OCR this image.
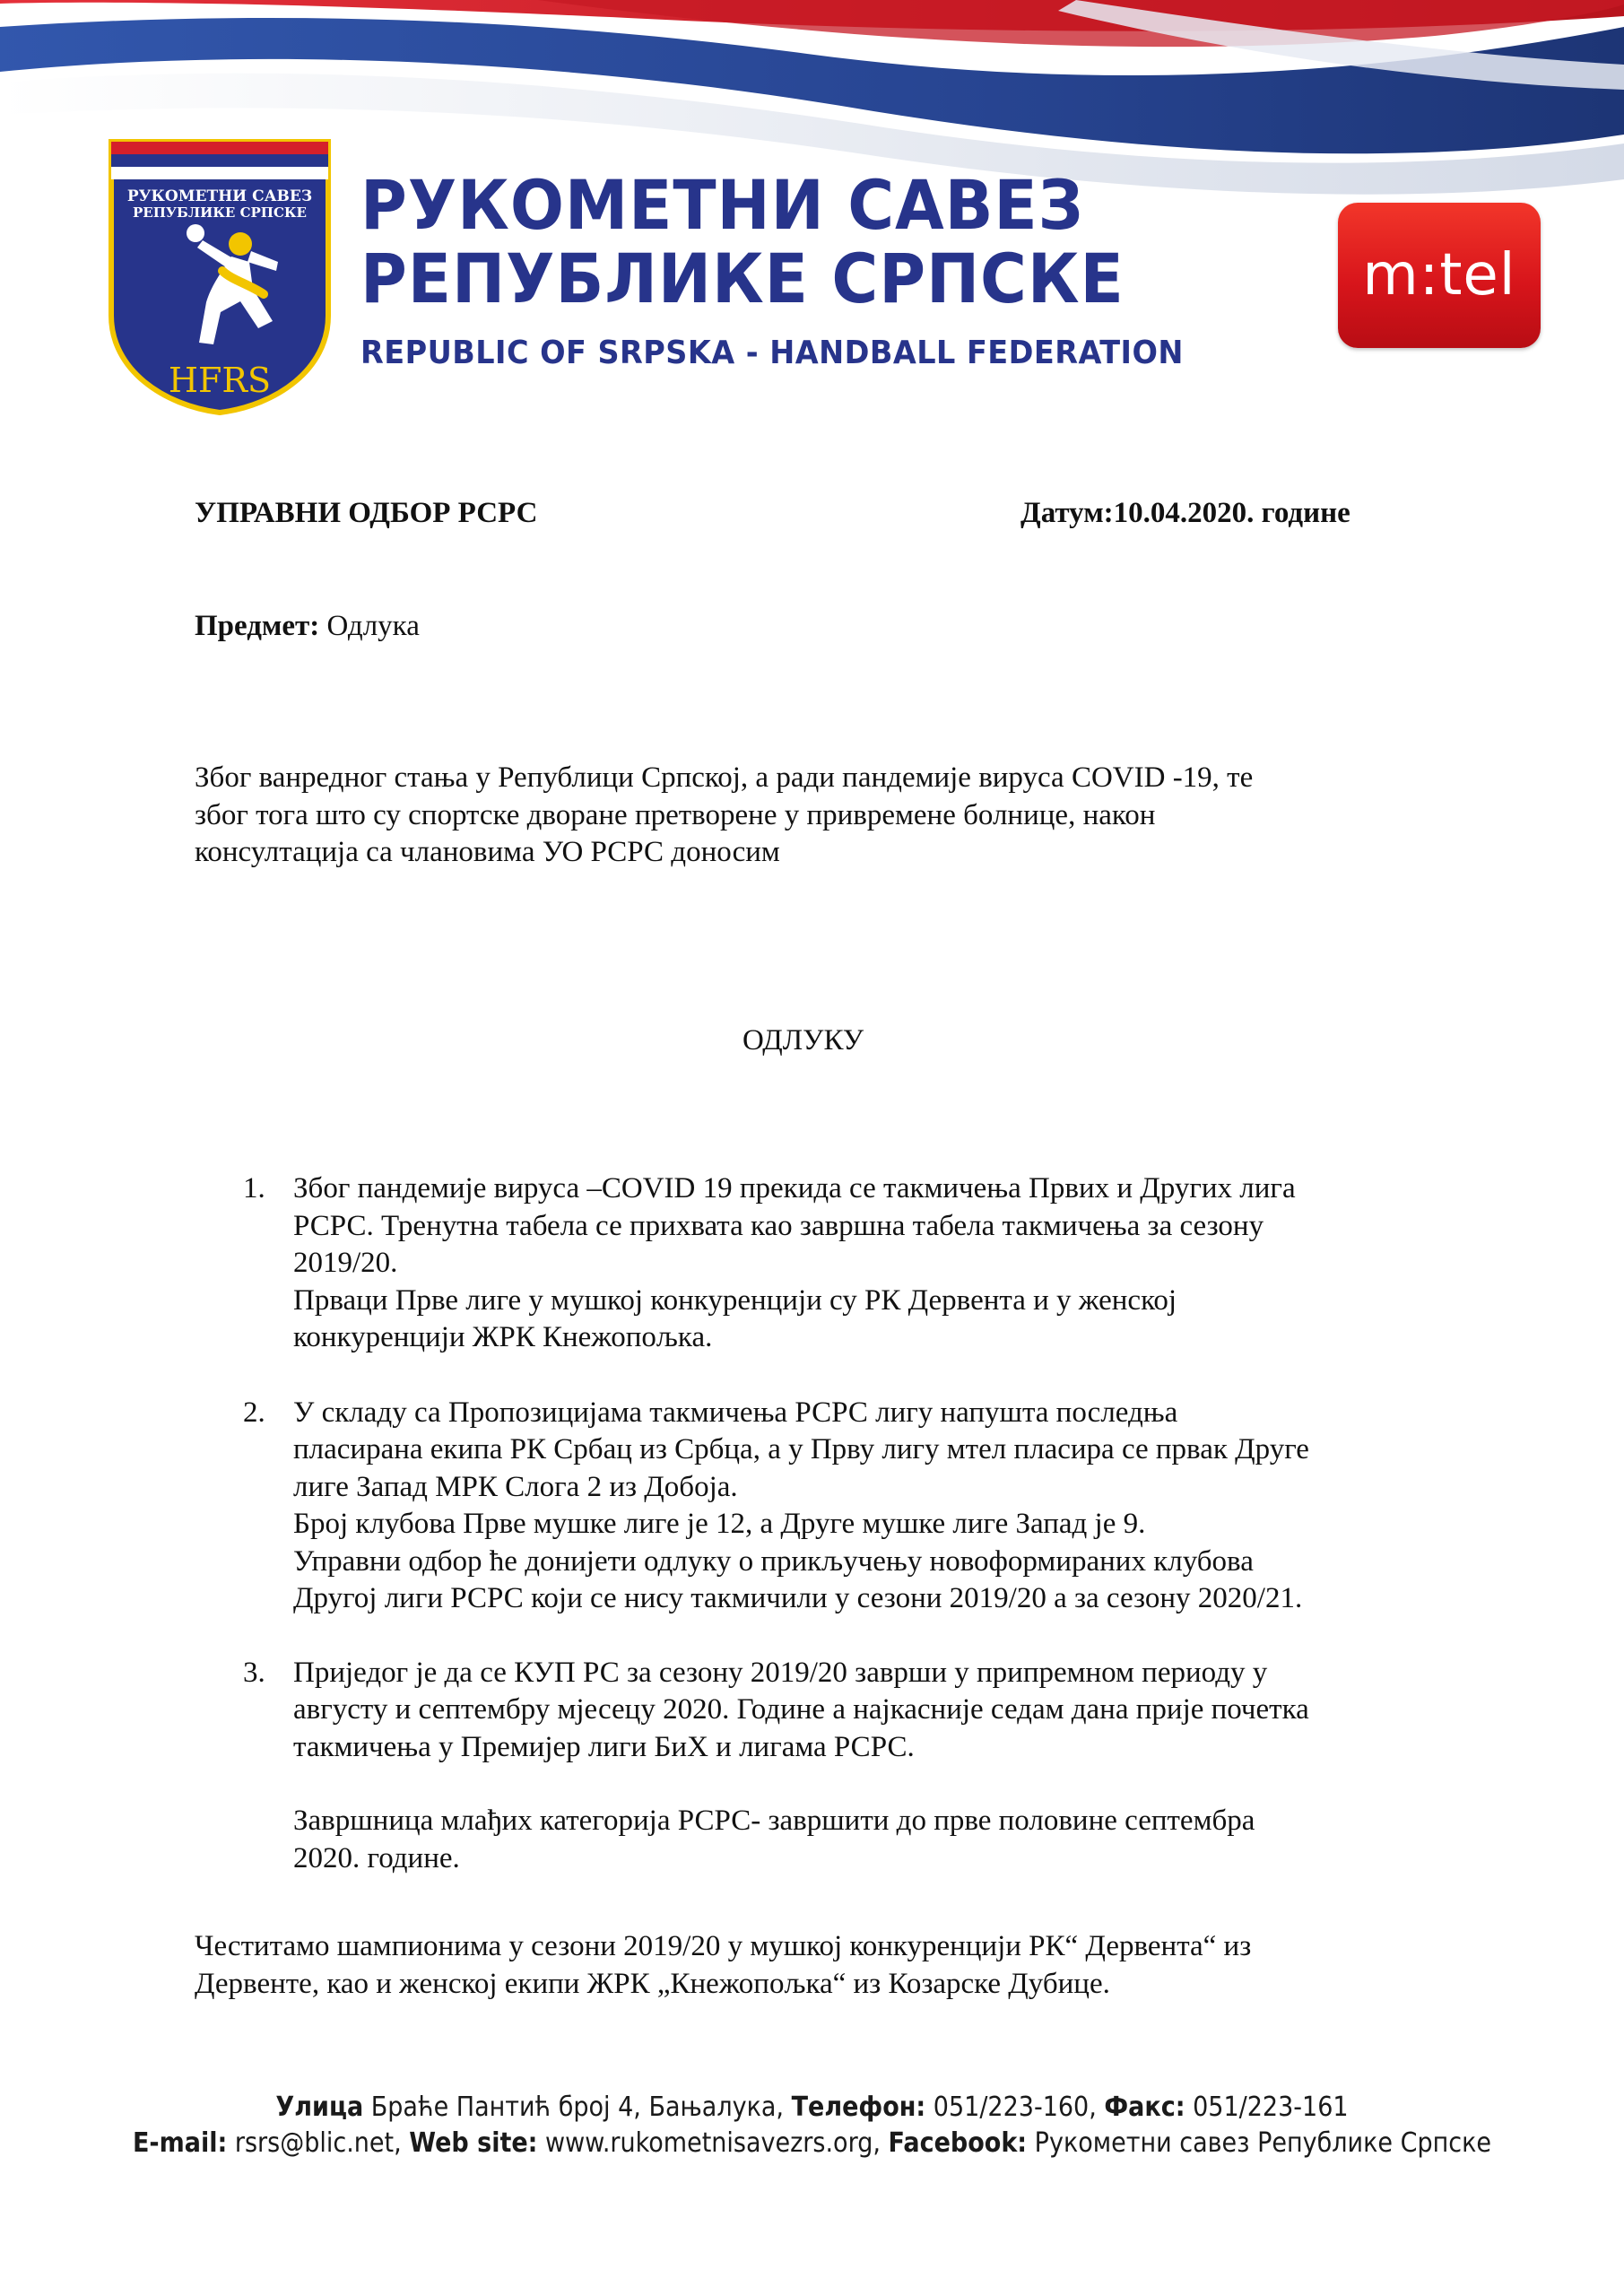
РУКОМЕТНИ САВЕЗ
РЕПУБЛИКЕ СРПСКЕ
HFRS
РУКОМЕТНИ САВЕЗ
РЕПУБЛИКЕ СРПСКЕ
REPUBLIC OF SRPSKA - HANDBALL FEDERATION
m:tel
УПРАВНИ ОДБОР РСРС	Датум:10.04.2020. године
Предмет: Одлука
Због ванредног стања у Републици Српској, а ради пандемије вируса COVID -19, те
због тога што су спортске дворане претворене у привремене болнице, након
консултација са члановима УО РСРС доносим
ОДЛУКУ
1. Због пандемије вируса –COVID 19 прекида се такмичења Првих и Других лига
РСРС. Тренутна табела се прихвата као завршна табела такмичења за сезону
2019/20.
Прваци Прве лиге у мушкој конкуренцији су РК Дервента и у женској
конкуренцији ЖРК Кнежопољка.
2. У складу са Пропозицијама такмичења РСРС лигу напушта последња
пласирана екипа РК Србац из Србца, а у Прву лигу мтел пласира се првак Друге
лиге Запад МРК Слога 2 из Добоја.
Број клубова Прве мушке лиге је 12, а Друге мушке лиге Запад је 9.
Управни одбор ће донијети одлуку о прикључењу новоформираних клубова
Другој лиги РСРС који се нису такмичили у сезони 2019/20 а за сезону 2020/21.
3. Приједог је да се КУП РС за сезону 2019/20 заврши у припремном периоду у
августу и септембру мјесецу 2020. Године а најкасније седам дана прије почетка
такмичења у Премијер лиги БиХ и лигама РСРС.
Завршница млађих категорија РСРС- завршити до прве половине септембра
2020. године.
Честитамо шампионима у сезони 2019/20 у мушкој конкуренцији РК“ Дервента“ из
Дервенте, као и женској екипи ЖРК „Кнежопољка“ из Козарске Дубице.
Улица Браће Пантић број 4, Бањалука, Телефон: 051/223-160, Факс: 051/223-161
E-mail: rsrs@blic.net, Web site: www.rukometnisavezrs.org, Facebook: Рукометни савез Републике Српске
